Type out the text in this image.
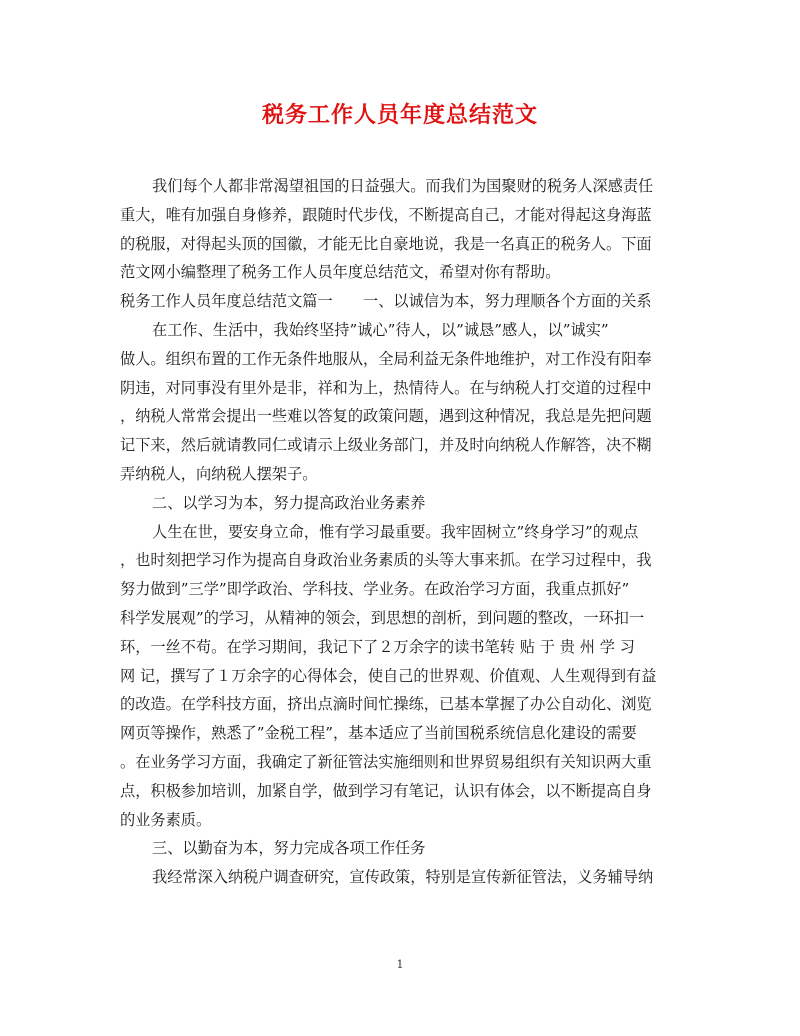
税务工作人员年度总结范文
我们每个人都非常渴望祖国的日益强大。而我们为国聚财的税务人深感责任
重大，唯有加强自身修养，跟随时代步伐，不断提高自己，才能对得起这身海蓝
的税服，对得起头顶的国徽，才能无比自豪地说，我是一名真正的税务人。下面
范文网小编整理了税务工作人员年度总结范文，希望对你有帮助。
税务工作人员年度总结范文篇一　　一、以诚信为本，努力理顺各个方面的关系
在工作、生活中，我始终坚持”诚心”待人，以”诚恳”感人，以”诚实”
做人。组织布置的工作无条件地服从，全局利益无条件地维护，对工作没有阳奉
阴违，对同事没有里外是非，祥和为上，热情待人。在与纳税人打交道的过程中
，纳税人常常会提出一些难以答复的政策问题，遇到这种情况，我总是先把问题
记下来，然后就请教同仁或请示上级业务部门，并及时向纳税人作解答，决不糊
弄纳税人，向纳税人摆架子。
二、以学习为本，努力提高政治业务素养
人生在世，要安身立命，惟有学习最重要。我牢固树立”终身学习”的观点
，也时刻把学习作为提高自身政治业务素质的头等大事来抓。在学习过程中，我
努力做到”三学”即学政治、学科技、学业务。在政治学习方面，我重点抓好”
科学发展观”的学习，从精神的领会，到思想的剖析，到问题的整改，一环扣一
环，一丝不苟。在学习期间，我记下了２万余字的读书笔转 贴 于 贵 州 学 习
网 记，撰写了１万余字的心得体会，使自己的世界观、价值观、人生观得到有益
的改造。在学科技方面，挤出点滴时间忙操练，已基本掌握了办公自动化、浏览
网页等操作，熟悉了”金税工程”，基本适应了当前国税系统信息化建设的需要
。在业务学习方面，我确定了新征管法实施细则和世界贸易组织有关知识两大重
点，积极参加培训，加紧自学，做到学习有笔记，认识有体会，以不断提高自身
的业务素质。
三、以勤奋为本，努力完成各项工作任务
我经常深入纳税户调查研究，宣传政策，特别是宣传新征管法，义务辅导纳
1
